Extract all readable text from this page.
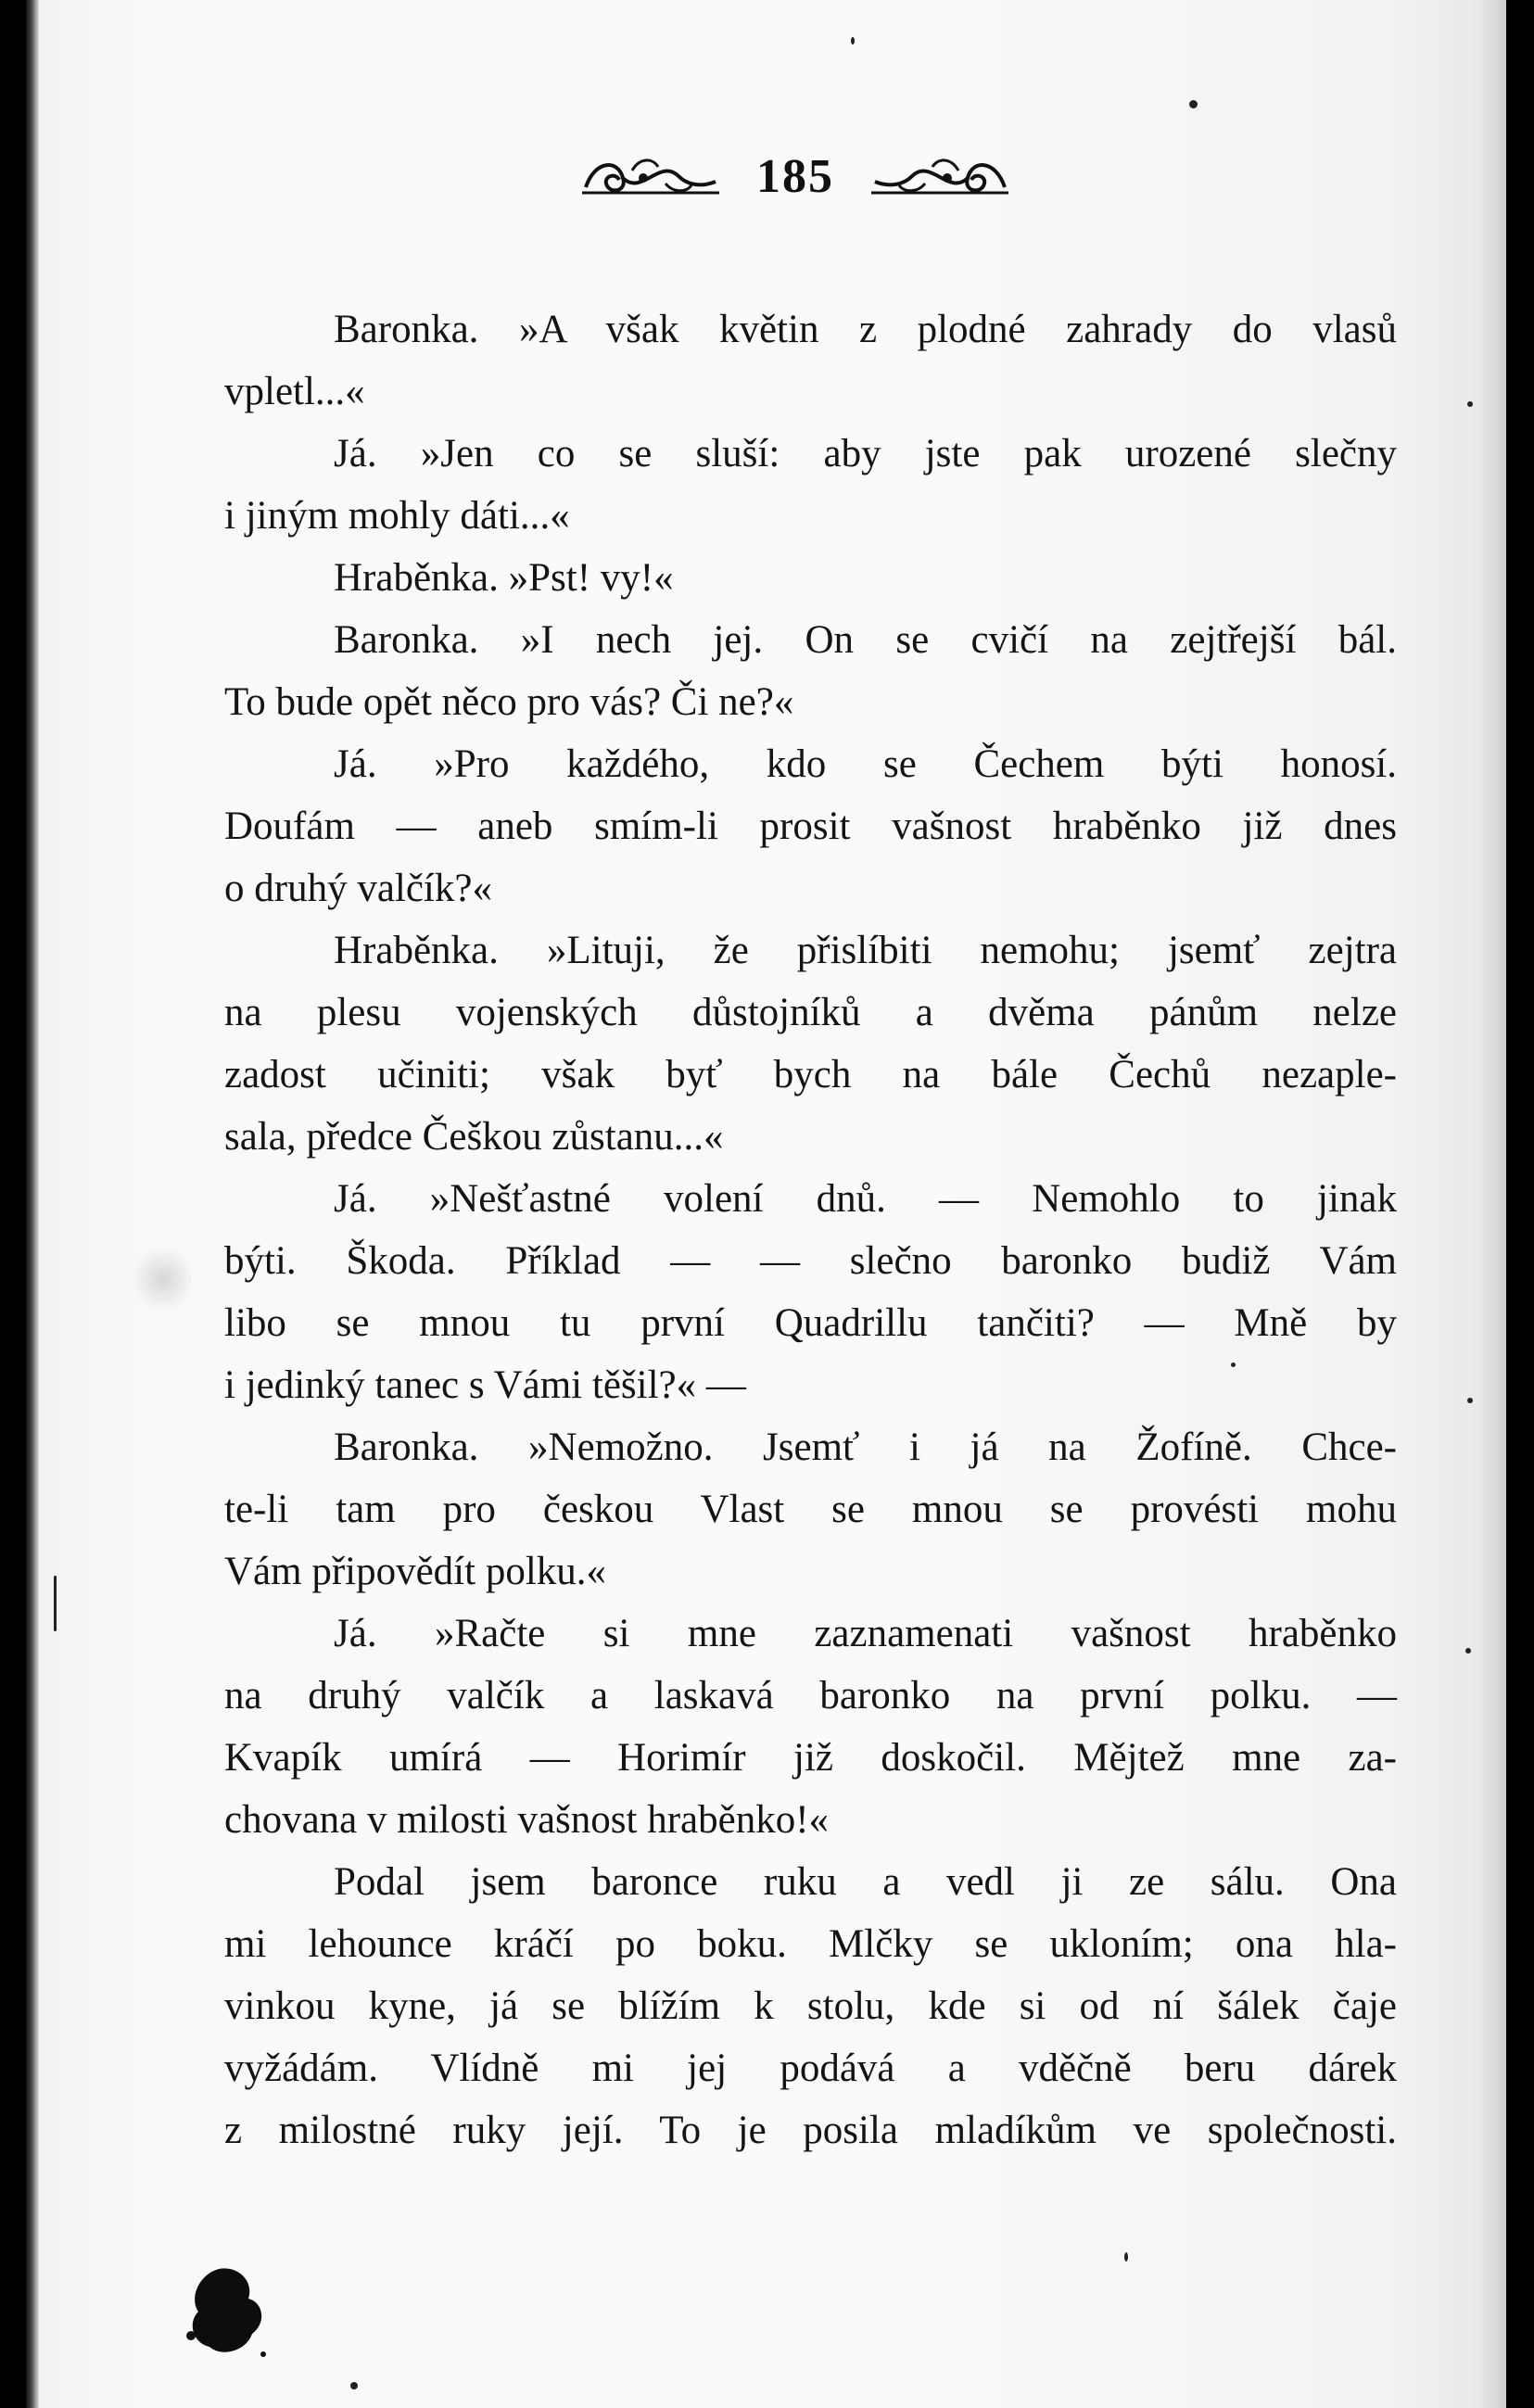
185
Baronka. »A však květin z plodné zahrady do vlasů
vpletl...«
Já. »Jen co se sluší: aby jste pak urozené slečny
i jiným mohly dáti...«
Hraběnka. »Pst! vy!«
Baronka. »I nech jej. On se cvičí na zejtřejší bál.
To bude opět něco pro vás? Či ne?«
Já. »Pro každého, kdo se Čechem býti honosí.
Doufám — aneb smím-li prosit vašnost hraběnko již dnes
o druhý valčík?«
Hraběnka. »Lituji, že přislíbiti nemohu; jsemť zejtra
na plesu vojenských důstojníků a dvěma pánům nelze
zadost učiniti; však byť bych na bále Čechů nezaple-
sala, předce Češkou zůstanu...«
Já. »Nešťastné volení dnů. — Nemohlo to jinak
býti. Škoda. Příklad — — slečno baronko budiž Vám
libo se mnou tu první Quadrillu tančiti? — Mně by
i jedinký tanec s Vámi těšil?« —
Baronka. »Nemožno. Jsemť i já na Žofíně. Chce-
te-li tam pro českou Vlast se mnou se provésti mohu
Vám připovědít polku.«
Já. »Račte si mne zaznamenati vašnost hraběnko
na druhý valčík a laskavá baronko na první polku. —
Kvapík umírá — Horimír již doskočil. Mějtež mne za-
chovana v milosti vašnost hraběnko!«
Podal jsem baronce ruku a vedl ji ze sálu. Ona
mi lehounce kráčí po boku. Mlčky se ukloním; ona hla-
vinkou kyne, já se blížím k stolu, kde si od ní šálek čaje
vyžádám. Vlídně mi jej podává a vděčně beru dárek
z milostné ruky její. To je posila mladíkům ve společnosti.
